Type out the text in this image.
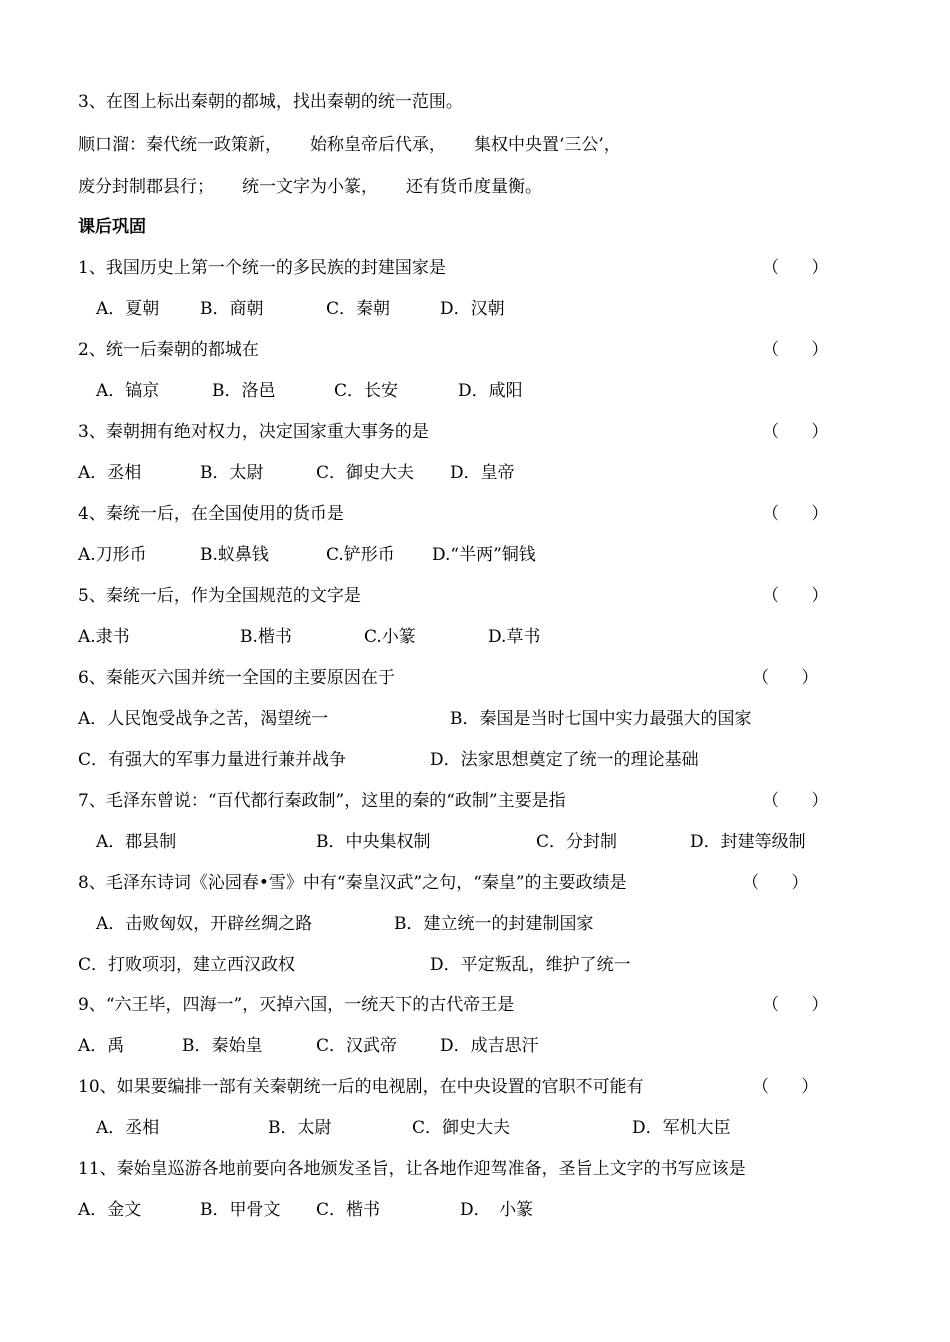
3、在图上标出秦朝的都城，找出秦朝的统一范围。
顺口溜：秦代统一政策新， 始称皇帝后代承， 集权中央置‘三公’，
废分封制郡县行； 统一文字为小篆， 还有货币度量衡。
课后巩固
1、我国历史上第一个统一的多民族的封建国家是	（      ）
A．夏朝 B．商朝	C．秦朝	D．汉朝
2、统一后秦朝的都城在	（      ）
A．镐京	B．洛邑	C．长安	D．咸阳
3、秦朝拥有绝对权力，决定国家重大事务的是	（      ）
A．丞相	B．太尉	C．御史大夫 D．皇帝
4、秦统一后，在全国使用的货币是	（      ）
A.刀形币	B.蚁鼻钱	C.铲形币 D.“半两”铜钱
5、秦统一后，作为全国规范的文字是	（      ）
A.隶书	B.楷书	C.小篆	D.草书
6、秦能灭六国并统一全国的主要原因在于	（      ）
A．人民饱受战争之苦，渴望统一	B．秦国是当时七国中实力最强大的国家
C．有强大的军事力量进行兼并战争	D．法家思想奠定了统一的理论基础
7、毛泽东曾说：“百代都行秦政制”，这里的秦的“政制”主要是指	（      ）
A．郡县制	B．中央集权制	C．分封制	D．封建等级制
8、毛泽东诗词《沁园春•雪》中有“秦皇汉武”之句，“秦皇”的主要政绩是	（      ）
A．击败匈奴，开辟丝绸之路	B．建立统一的封建制国家
C．打败项羽，建立西汉政权	D．平定叛乱，维护了统一
9、“六王毕，四海一”，灭掉六国，一统天下的古代帝王是	（      ）
A．禹	B．秦始皇	C．汉武帝	D．成吉思汗
10、如果要编排一部有关秦朝统一后的电视剧，在中央设置的官职不可能有	（      ）
A．丞相	B．太尉	C．御史大夫	D．军机大臣
11、秦始皇巡游各地前要向各地颁发圣旨，让各地作迎驾准备，圣旨上文字的书写应该是
A．金文	B．甲骨文 C．楷书	D．　小篆
